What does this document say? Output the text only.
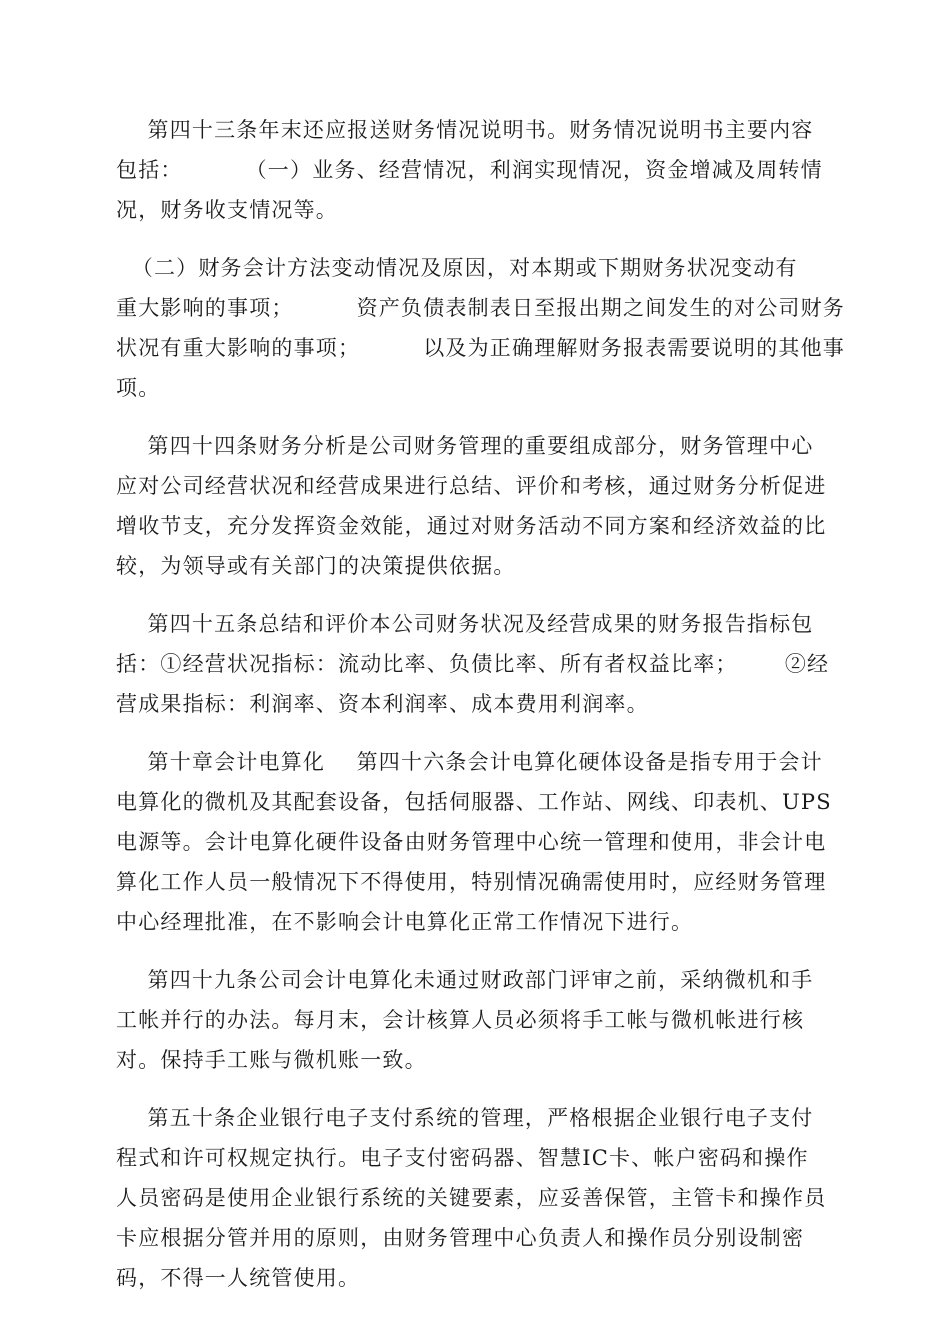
第四十三条年末还应报送财务情况说明书。财务情况说明书主要内容
包括：        （一）业务、经营情况，利润实现情况，资金增减及周转情
况，财务收支情况等。
（二）财务会计方法变动情况及原因，对本期或下期财务状况变动有
重大影响的事项；        资产负债表制表日至报出期之间发生的对公司财务
状况有重大影响的事项；        以及为正确理解财务报表需要说明的其他事
项。
第四十四条财务分析是公司财务管理的重要组成部分，财务管理中心
应对公司经营状况和经营成果进行总结、评价和考核，通过财务分析促进
增收节支，充分发挥资金效能，通过对财务活动不同方案和经济效益的比
较，为领导或有关部门的决策提供依据。
第四十五条总结和评价本公司财务状况及经营成果的财务报告指标包
括：①经营状况指标：流动比率、负债比率、所有者权益比率；      ②经
营成果指标：利润率、资本利润率、成本费用利润率。
第十章会计电算化    第四十六条会计电算化硬体设备是指专用于会计
电算化的微机及其配套设备，包括伺服器、工作站、网线、印表机、UPS
电源等。会计电算化硬件设备由财务管理中心统一管理和使用，非会计电
算化工作人员一般情况下不得使用，特别情况确需使用时，应经财务管理
中心经理批准，在不影响会计电算化正常工作情况下进行。
第四十九条公司会计电算化未通过财政部门评审之前，采纳微机和手
工帐并行的办法。每月末，会计核算人员必须将手工帐与微机帐进行核
对。保持手工账与微机账一致。
第五十条企业银行电子支付系统的管理，严格根据企业银行电子支付
程式和许可权规定执行。电子支付密码器、智慧IC卡、帐户密码和操作
人员密码是使用企业银行系统的关键要素，应妥善保管，主管卡和操作员
卡应根据分管并用的原则，由财务管理中心负责人和操作员分别设制密
码，不得一人统管使用。
